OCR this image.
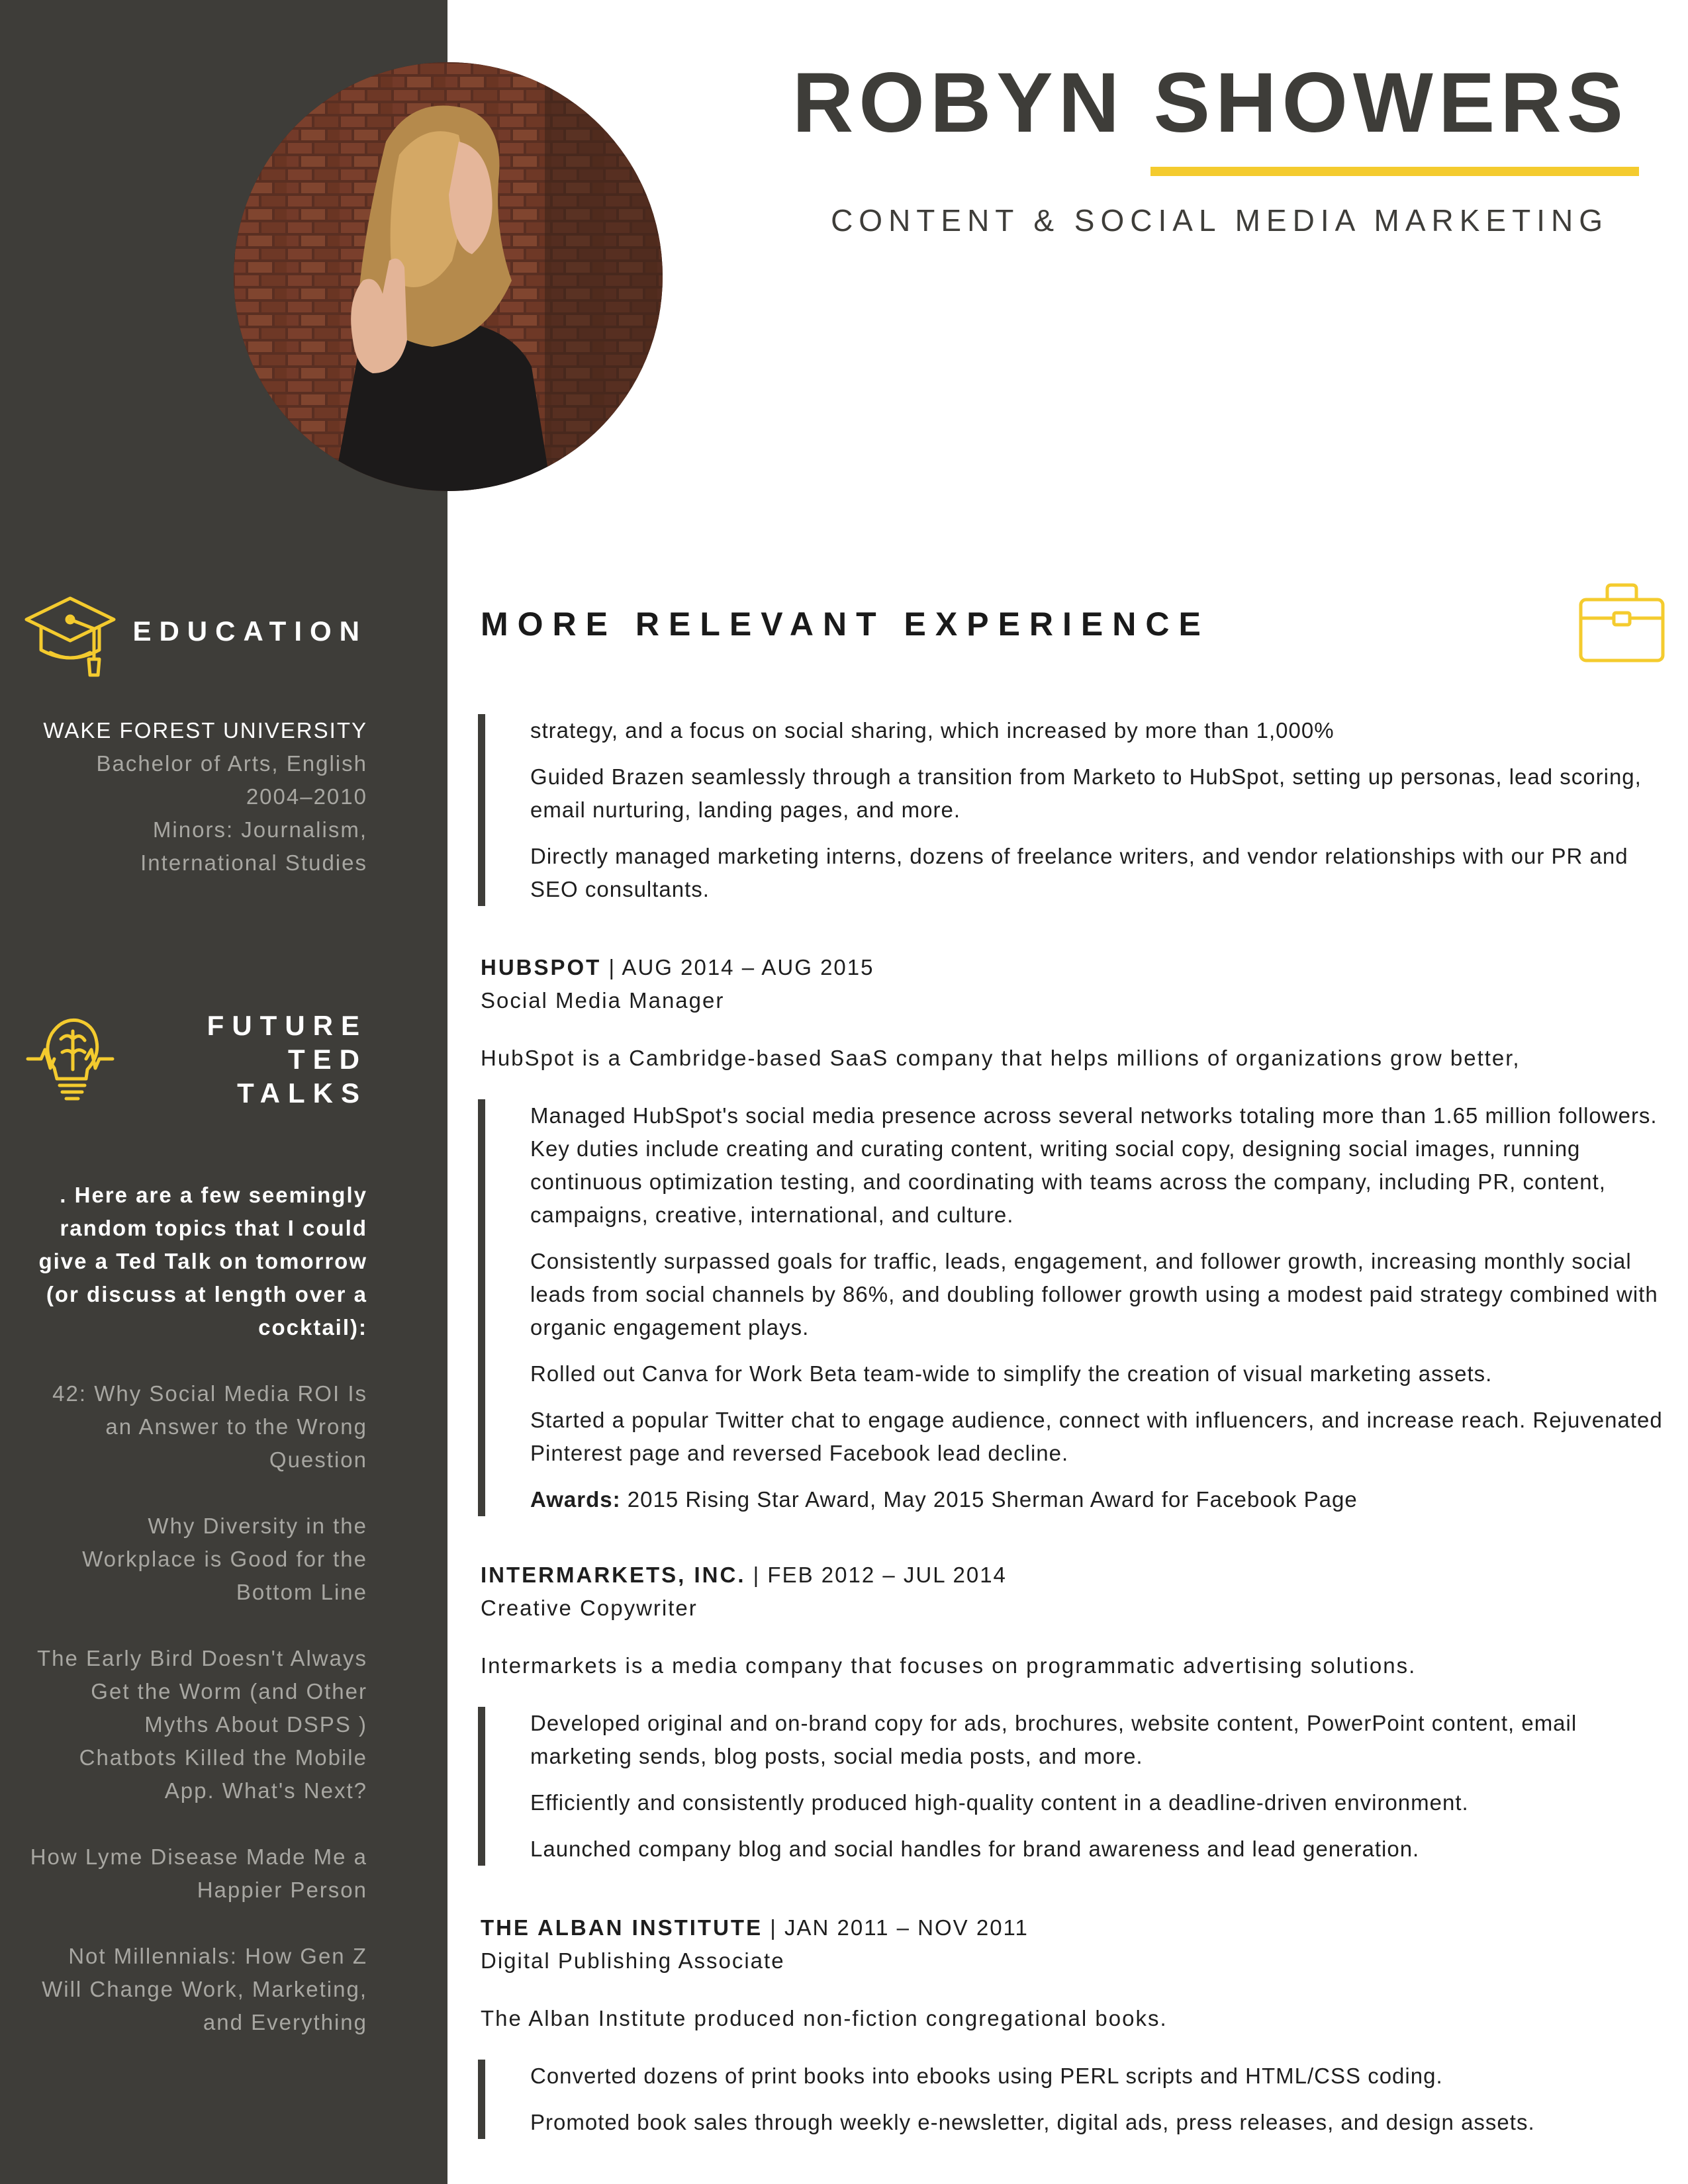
ROBYN SHOWERS
CONTENT & SOCIAL MEDIA MARKETING
EDUCATION
WAKE FOREST UNIVERSITY
Bachelor of Arts, English
2004–2010
Minors: Journalism,
International Studies
FUTURE
TED
TALKS
. Here are a few seemingly random topics that I could give a Ted Talk on tomorrow (or discuss at length over a cocktail):
42: Why Social Media ROI Is an Answer to the Wrong Question
Why Diversity in the Workplace is Good for the Bottom Line
The Early Bird Doesn't Always Get the Worm (and Other Myths About DSPS )
Chatbots Killed the Mobile App. What's Next?
How Lyme Disease Made Me a Happier Person
Not Millennials: How Gen Z Will Change Work, Marketing, and Everything
MORE RELEVANT EXPERIENCE

strategy, and a focus on social sharing, which increased by more than 1,000%

Guided Brazen seamlessly through a transition from Marketo to HubSpot, setting up personas, lead scoring, email nurturing, landing pages, and more.

Directly managed marketing interns, dozens of freelance writers, and vendor relationships with our PR and SEO consultants.

HUBSPOT | AUG 2014 – AUG 2015
Social Media Manager
HubSpot is a Cambridge-based SaaS company that helps millions of organizations grow better,

Managed HubSpot's social media presence across several networks totaling more than 1.65 million followers. Key duties include creating and curating content, writing social copy, designing social images, running continuous optimization testing, and coordinating with teams across the company, including PR, content, campaigns, creative, international, and culture.

Consistently surpassed goals for traffic, leads, engagement, and follower growth, increasing monthly social leads from social channels by 86%, and doubling follower growth using a modest paid strategy combined with organic engagement plays.

Rolled out Canva for Work Beta team-wide to simplify the creation of visual marketing assets.

Started a popular Twitter chat to engage audience, connect with influencers, and increase reach. Rejuvenated Pinterest page and reversed Facebook lead decline.

Awards: 2015 Rising Star Award, May 2015 Sherman Award for Facebook Page

INTERMARKETS, INC. | FEB 2012 – JUL 2014
Creative Copywriter
Intermarkets is a media company that focuses on programmatic advertising solutions.

Developed original and on-brand copy for ads, brochures, website content, PowerPoint content, email marketing sends, blog posts, social media posts, and more.

Efficiently and consistently produced high-quality content in a deadline-driven environment.

Launched company blog and social handles for brand awareness and lead generation.

THE ALBAN INSTITUTE | JAN 2011 – NOV 2011
Digital Publishing Associate
The Alban Institute produced non-fiction congregational books.

Converted dozens of print books into ebooks using PERL scripts and HTML/CSS coding.

Promoted book sales through weekly e-newsletter, digital ads, press releases, and design assets.
